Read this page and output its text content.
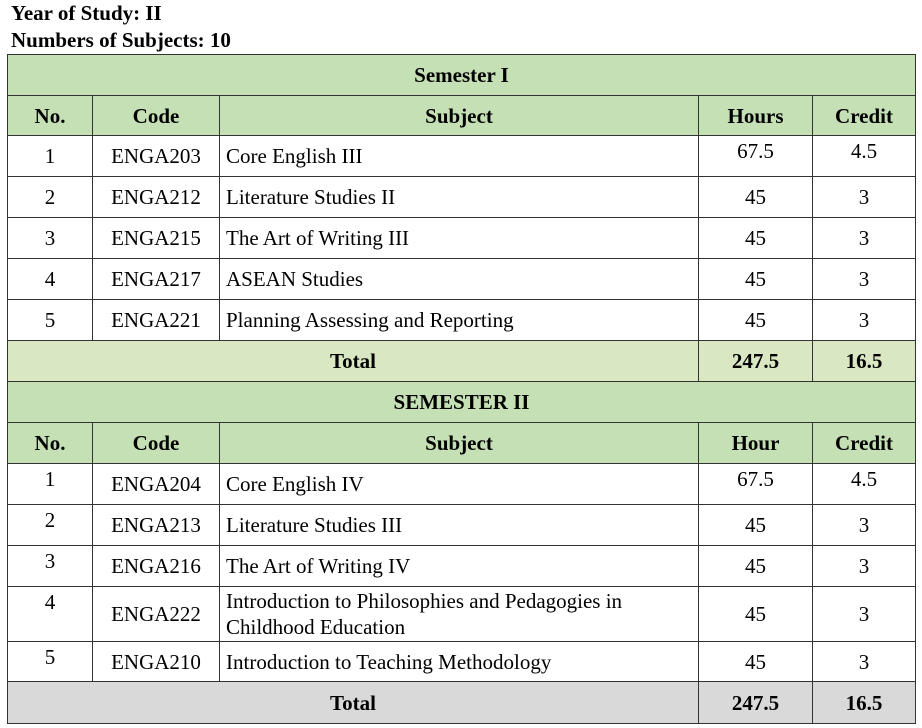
Year of Study: II
Numbers of Subjects: 10
Semester I				
No.	Code	Subject	Hours	Credit
1	ENGA203	Core English III	67.5	4.5
2	ENGA212	Literature Studies II	45	3
3	ENGA215	The Art of Writing III	45	3
4	ENGA217	ASEAN Studies	45	3
5	ENGA221	Planning Assessing and Reporting	45	3
Total			247.5	16.5
SEMESTER II				
No.	Code	Subject	Hour	Credit
1	ENGA204	Core English IV	67.5	4.5
2	ENGA213	Literature Studies III	45	3
3	ENGA216	The Art of Writing IV	45	3
4	ENGA222	Introduction to Philosophies and Pedagogies in Childhood Education	45	3
5	ENGA210	Introduction to Teaching Methodology	45	3
Total			247.5	16.5
